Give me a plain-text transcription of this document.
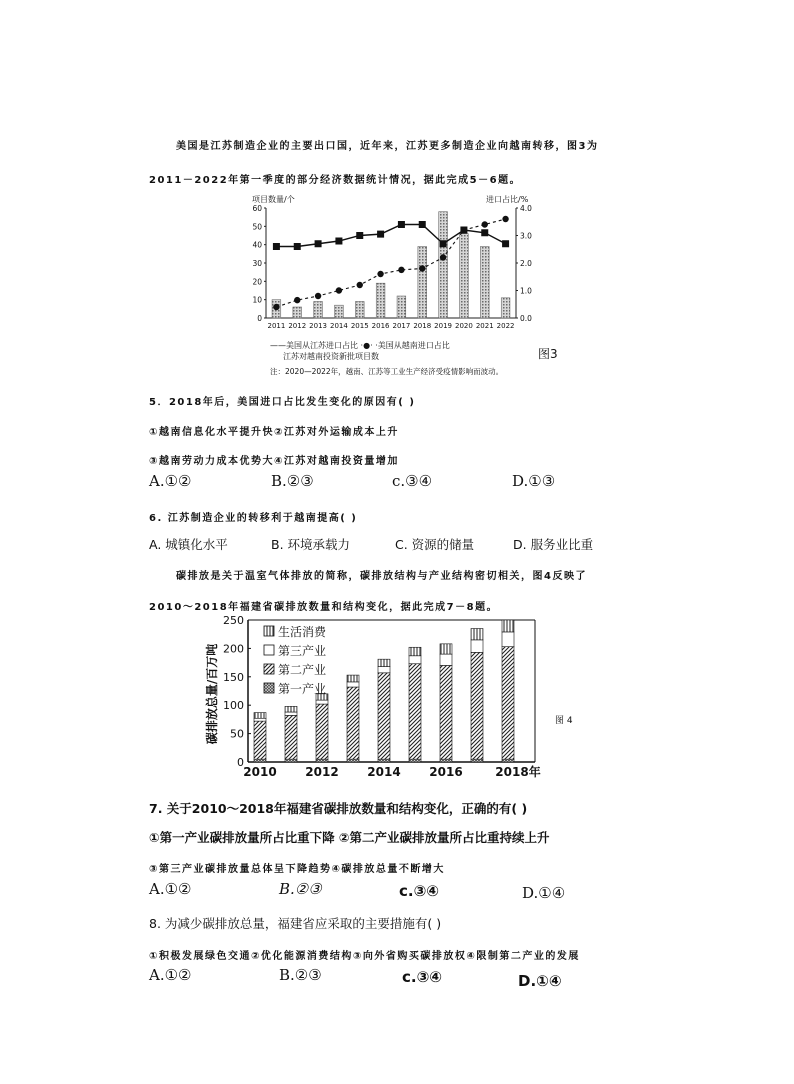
美国是江苏制造企业的主要出口国，近年来，江苏更多制造企业向越南转移，图3为
2011－2022年第一季度的部分经济数据统计情况，据此完成5－6题。
0
10
20
30
40
50
60
0.0
1.0
2.0
3.0
4.0
项目数量/个	进口占比/%
2011 2012 2013 2014 2015 2016 2017 2018 2019 2020 2021 2022
图3
——美国从江苏进口占比 ·●· ·美国从越南进口占比
江苏对越南投资新批项目数
注：2020—2022年，越南、江苏等工业生产经济受疫情影响而波动。
5．2018年后，美国进口占比发生变化的原因有( )
①越南信息化水平提升快②江苏对外运输成本上升
③越南劳动力成本优势大④江苏对越南投资量增加
A.①②	B.②③	c.③④	D.①③
6. 江苏制造企业的转移利于越南提高( )
A. 城镇化水平	B. 环境承载力	C. 资源的储量	D. 服务业比重
碳排放是关于温室气体排放的简称，碳排放结构与产业结构密切相关，图4反映了
2010～2018年福建省碳排放数量和结构变化，据此完成7－8题。
0
50
100
150
200
250
碳排放总量/百万吨
2010 2012 2014 2016	2018年
生活消费
第三产业
第二产业
第一产业
图 4
7. 关于2010～2018年福建省碳排放数量和结构变化，正确的有( )
①第一产业碳排放量所占比重下降 ②第二产业碳排放量所占比重持续上升
③第三产业碳排放量总体呈下降趋势④碳排放总量不断增大
A.①②	B.②③	c.③④	D.①④
8. 为减少碳排放总量，福建省应采取的主要措施有( )
①积极发展绿色交通②优化能源消费结构③向外省购买碳排放权④限制第二产业的发展
A.①②	B.②③	c.③④	D.①④
